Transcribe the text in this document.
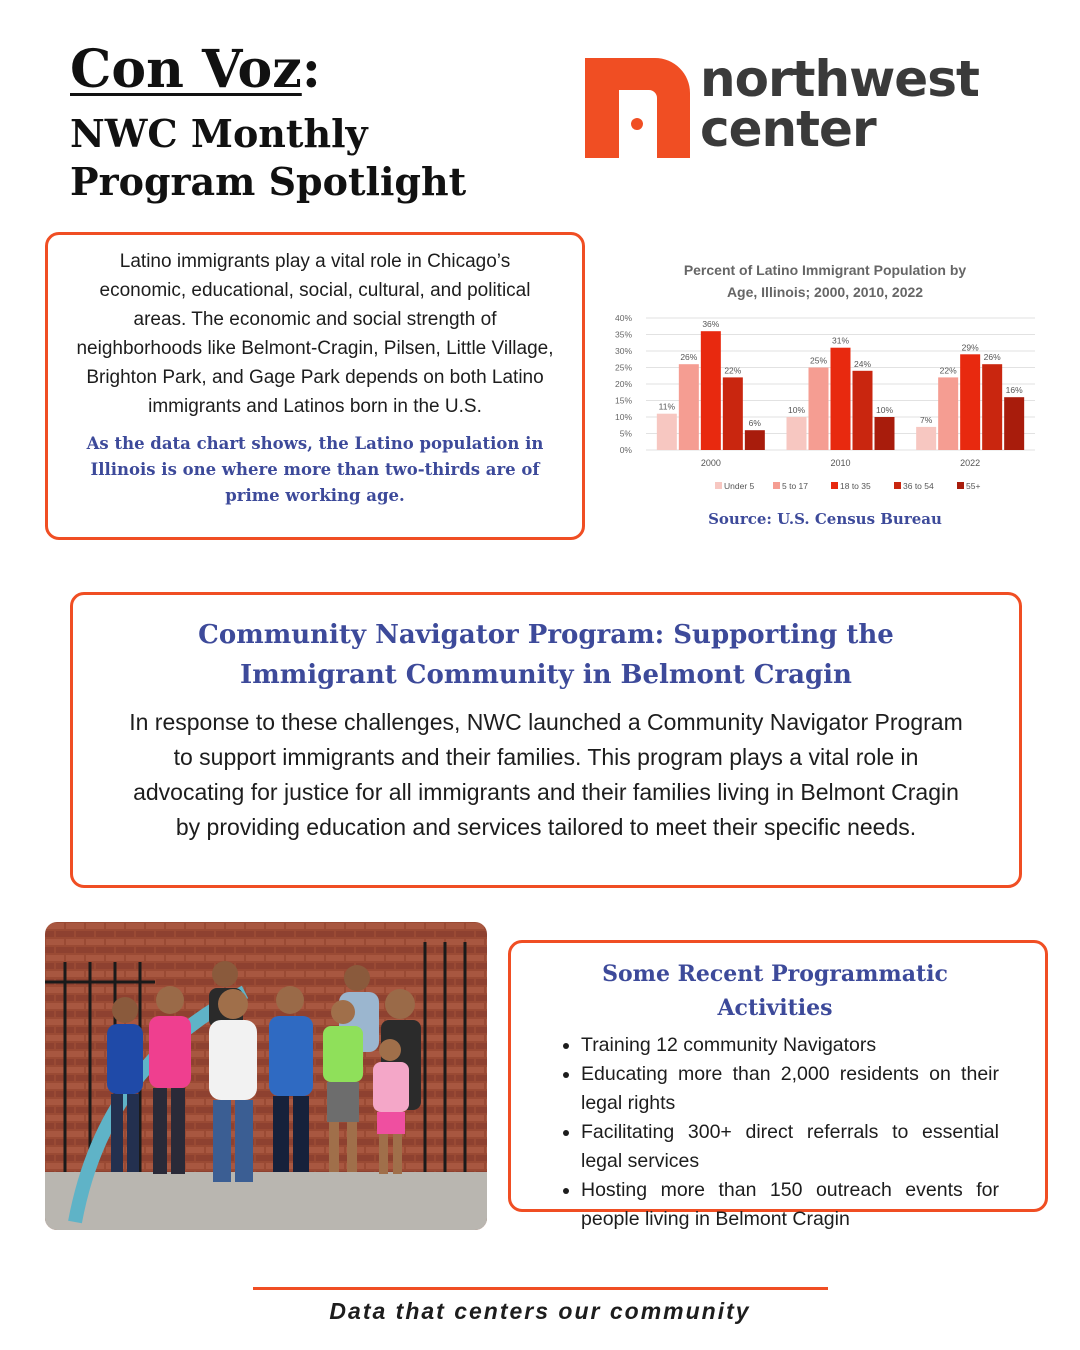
Con Voz:
NWC Monthly
Program Spotlight
northwest
center

Latino immigrants play a vital role in Chicago’s economic, educational, social, cultural, and political areas. The economic and social strength of neighborhoods like Belmont-Cragin, Pilsen, Little Village, Brighton Park, and Gage Park depends on both Latino immigrants and Latinos born in the U.S.

As the data chart shows, the Latino population in Illinois is one where more than two-thirds are of prime working age.

Percent of Latino Immigrant Population by
Age, Illinois; 2000, 2010, 2022
0%
5%
10%
15%
20%
25%
30%
35%
40%
11%
26%
36%
22%
6%
2000
10%
25%
31%
24%
10%
2010
7%
22%
29%
26%
16%
2022
Under 5	5 to 17	18 to 35	36 to 54	55+
Source: U.S. Census Bureau

Community Navigator Program: Supporting the Immigrant Community in Belmont Cragin

In response to these challenges, NWC launched a Community Navigator Program to support immigrants and their families. This program plays a vital role in advocating for justice for all immigrants and their families living in Belmont Cragin by providing education and services tailored to meet their specific needs.

Some Recent Programmatic Activities

• Training 12 community Navigators
• Educating more than 2,000 residents on their legal rights
• Facilitating 300+ direct referrals to essential legal services
• Hosting more than 150 outreach events for people living in Belmont Cragin
Data that centers our community
